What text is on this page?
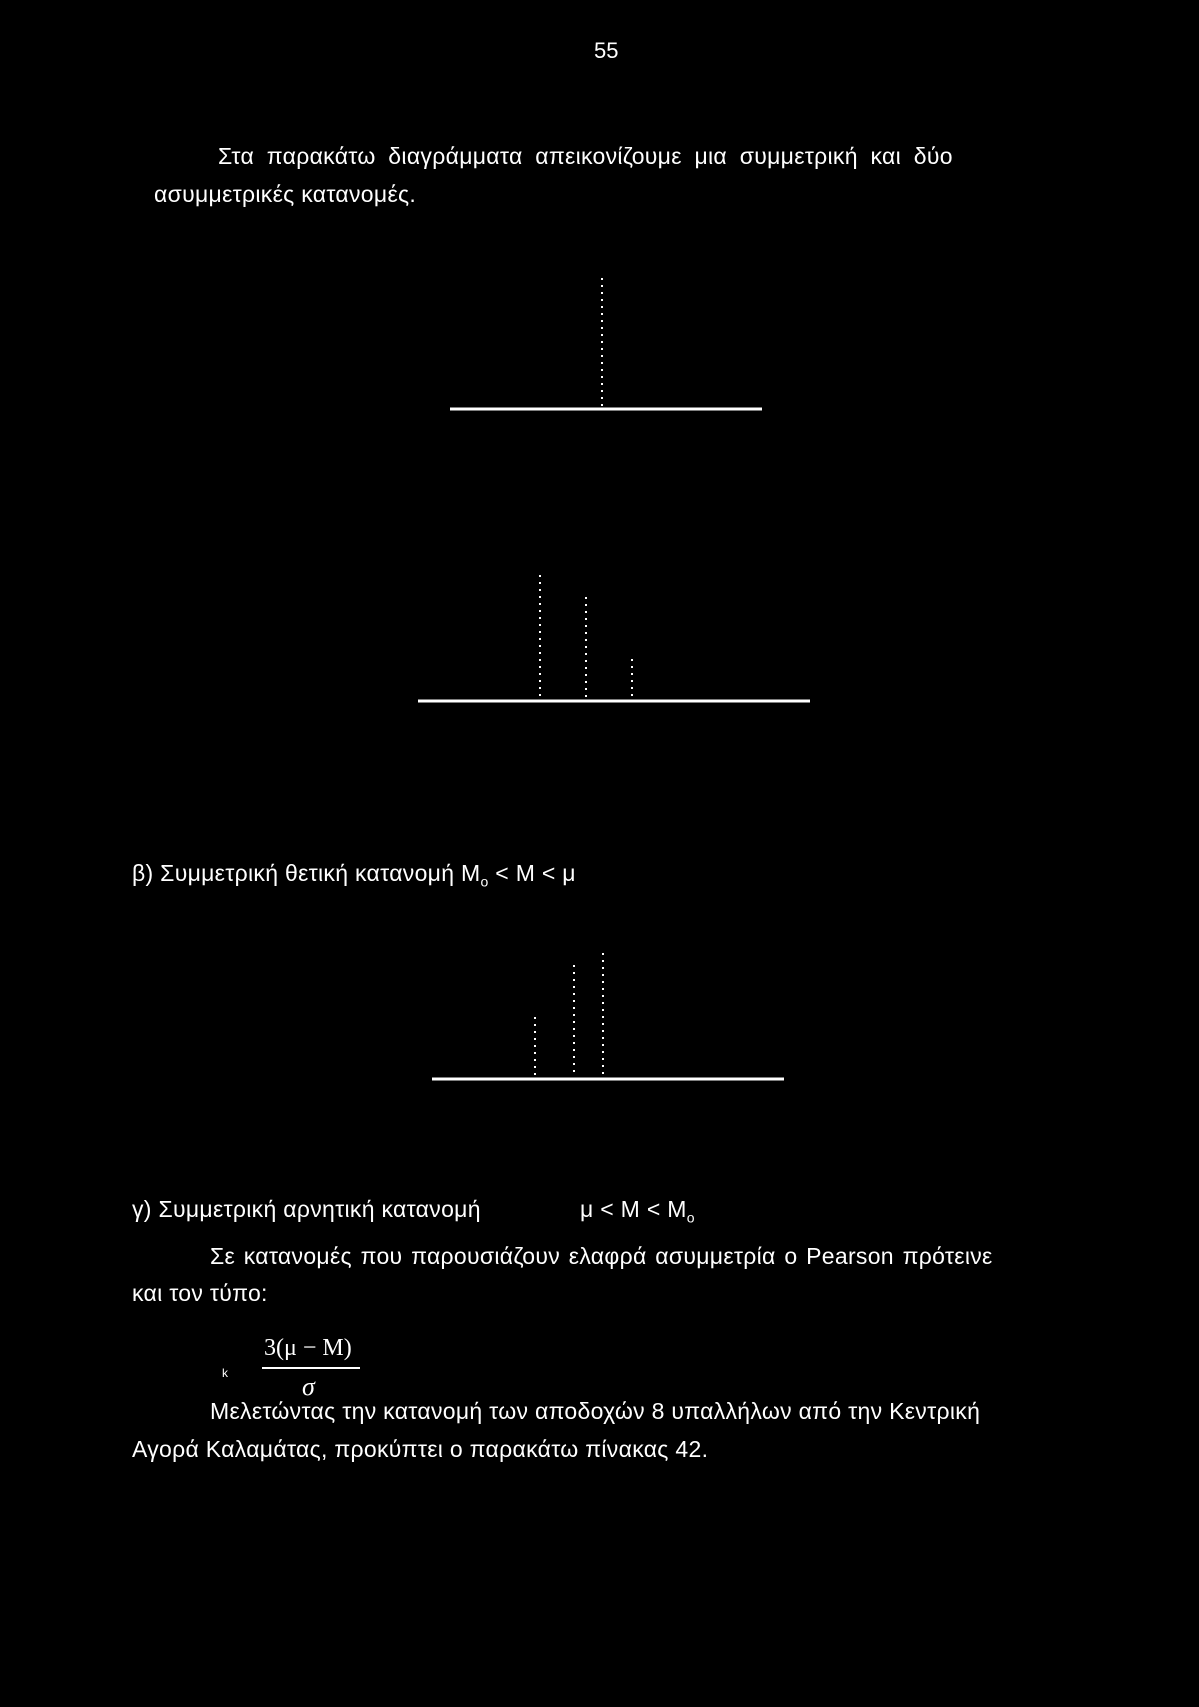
55
Στα παρακάτω διαγράμματα απεικονίζουμε μια συμμετρική και δύο
ασυμμετρικές κατανομές.
β) Συμμετρική θετική κατανομή $M_o < M < \mu$
γ) Συμμετρική αρνητική κατανομή	$\mu < M < M_o$
Σε κατανομές που παρουσιάζουν ελαφρά ασυμμετρία ο Pearson πρότεινε
και τον τύπο:
k
3(μ − M)
σ
Μελετώντας την κατανομή των αποδοχών 8 υπαλλήλων από την Κεντρική
Αγορά Καλαμάτας, προκύπτει ο παρακάτω πίνακας 42.
